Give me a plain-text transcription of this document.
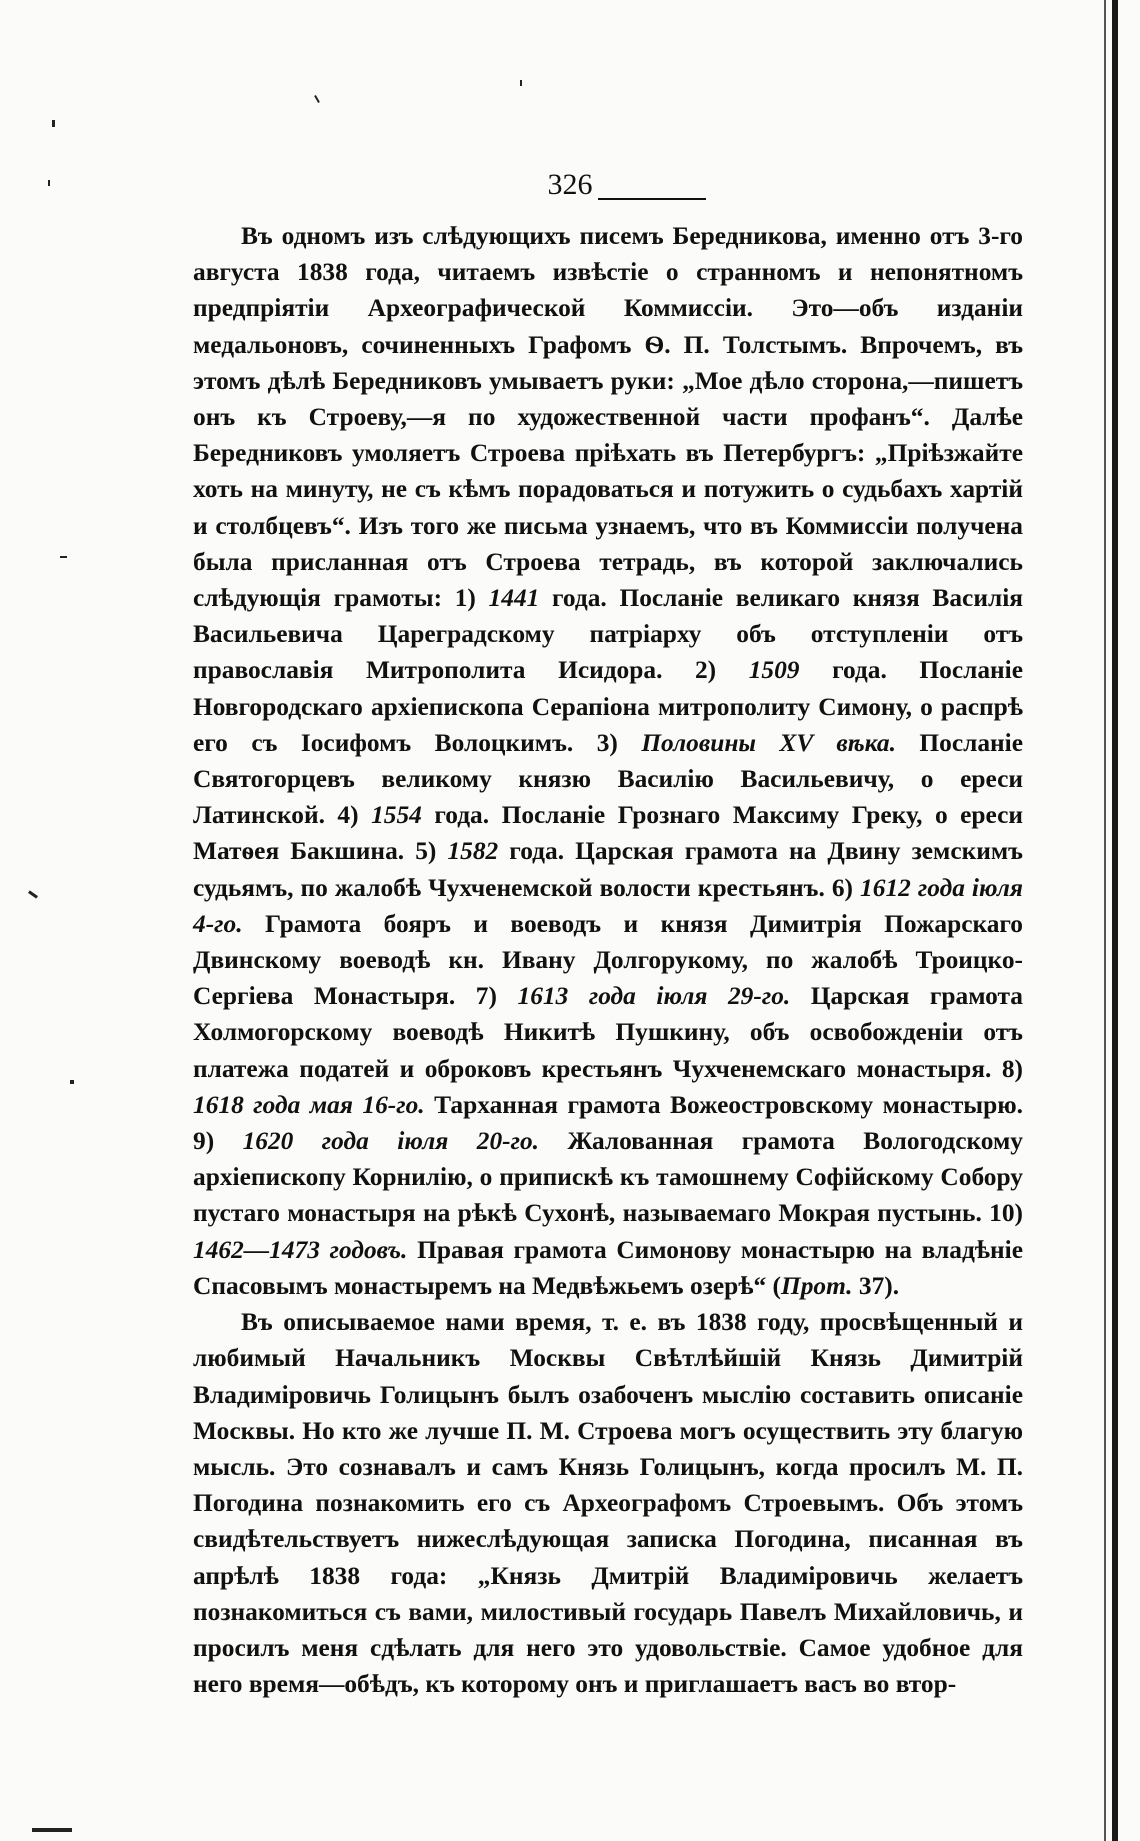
326

Въ одномъ изъ слѣдующихъ писемъ Бередникова, именно отъ 3-го августа 1838 года, читаемъ извѣстіе о странномъ и непонятномъ предпріятіи Археографической Коммиссіи. Это—объ изданіи медальоновъ, сочиненныхъ Графомъ Ѳ. П. Толстымъ. Впрочемъ, въ этомъ дѣлѣ Бередниковъ умываетъ руки: „Мое дѣло сторона,—пишетъ онъ къ Строеву,—я по художественной части профанъ“. Далѣе Бередниковъ умоляетъ Строева пріѣхать въ Петербургъ: „Пріѣзжайте хоть на минуту, не съ кѣмъ порадоваться и потужить о судьбахъ хартій и столбцевъ“. Изъ того же письма узнаемъ, что въ Коммиссіи получена была присланная отъ Строева тетрадь, въ которой заключались слѣдующія грамоты: 1) 1441 года. Посланіе великаго князя Василія Васильевича Цареградскому патріарху объ отступленіи отъ православія Митрополита Исидора. 2) 1509 года. Посланіе Новгородскаго архіепископа Серапіона митрополиту Симону, о распрѣ его съ Іосифомъ Волоцкимъ. 3) Половины XV вѣка. Посланіе Святогорцевъ великому князю Василію Васильевичу, о ереси Латинской. 4) 1554 года. Посланіе Грознаго Максиму Греку, о ереси Матѳея Бакшина. 5) 1582 года. Царская грамота на Двину земскимъ судьямъ, по жалобѣ Чухченемской волости крестьянъ. 6) 1612 года іюля 4-го. Грамота бояръ и воеводъ и князя Димитрія Пожарскаго Двинскому воеводѣ кн. Ивану Долгорукому, по жалобѣ Троицко-Сергіева Монастыря. 7) 1613 года іюля 29-го. Царская грамота Холмогорскому воеводѣ Никитѣ Пушкину, объ освобожденіи отъ платежа податей и оброковъ крестьянъ Чухченемскаго монастыря. 8) 1618 года мая 16-го. Тарханная грамота Вожеостровскому монастырю. 9) 1620 года іюля 20-го. Жалованная грамота Вологодскому архіепископу Корнилію, о припискѣ къ тамошнему Софійскому Собору пустаго монастыря на рѣкѣ Сухонѣ, называемаго Мокрая пустынь. 10) 1462—1473 годовъ. Правая грамота Симонову монастырю на владѣніе Спасовымъ монастыремъ на Медвѣжьемъ озерѣ“ (Прот. 37).

Въ описываемое нами время, т. е. въ 1838 году, просвѣщенный и любимый Начальникъ Москвы Свѣтлѣйшій Князь Димитрій Владиміровичь Голицынъ былъ озабоченъ мыслію составить описаніе Москвы. Но кто же лучше П. М. Строева могъ осуществить эту благую мысль. Это сознавалъ и самъ Князь Голицынъ, когда просилъ М. П. Погодина познакомить его съ Археографомъ Строевымъ. Объ этомъ свидѣтельствуетъ нижеслѣдующая записка Погодина, писанная въ апрѣлѣ 1838 года: „Князь Дмитрій Владиміровичь желаетъ познакомиться съ вами, милостивый государь Павелъ Михайловичь, и просилъ меня сдѣлать для него это удовольствіе. Самое удобное для него время—обѣдъ, къ которому онъ и приглашаетъ васъ во втор-
